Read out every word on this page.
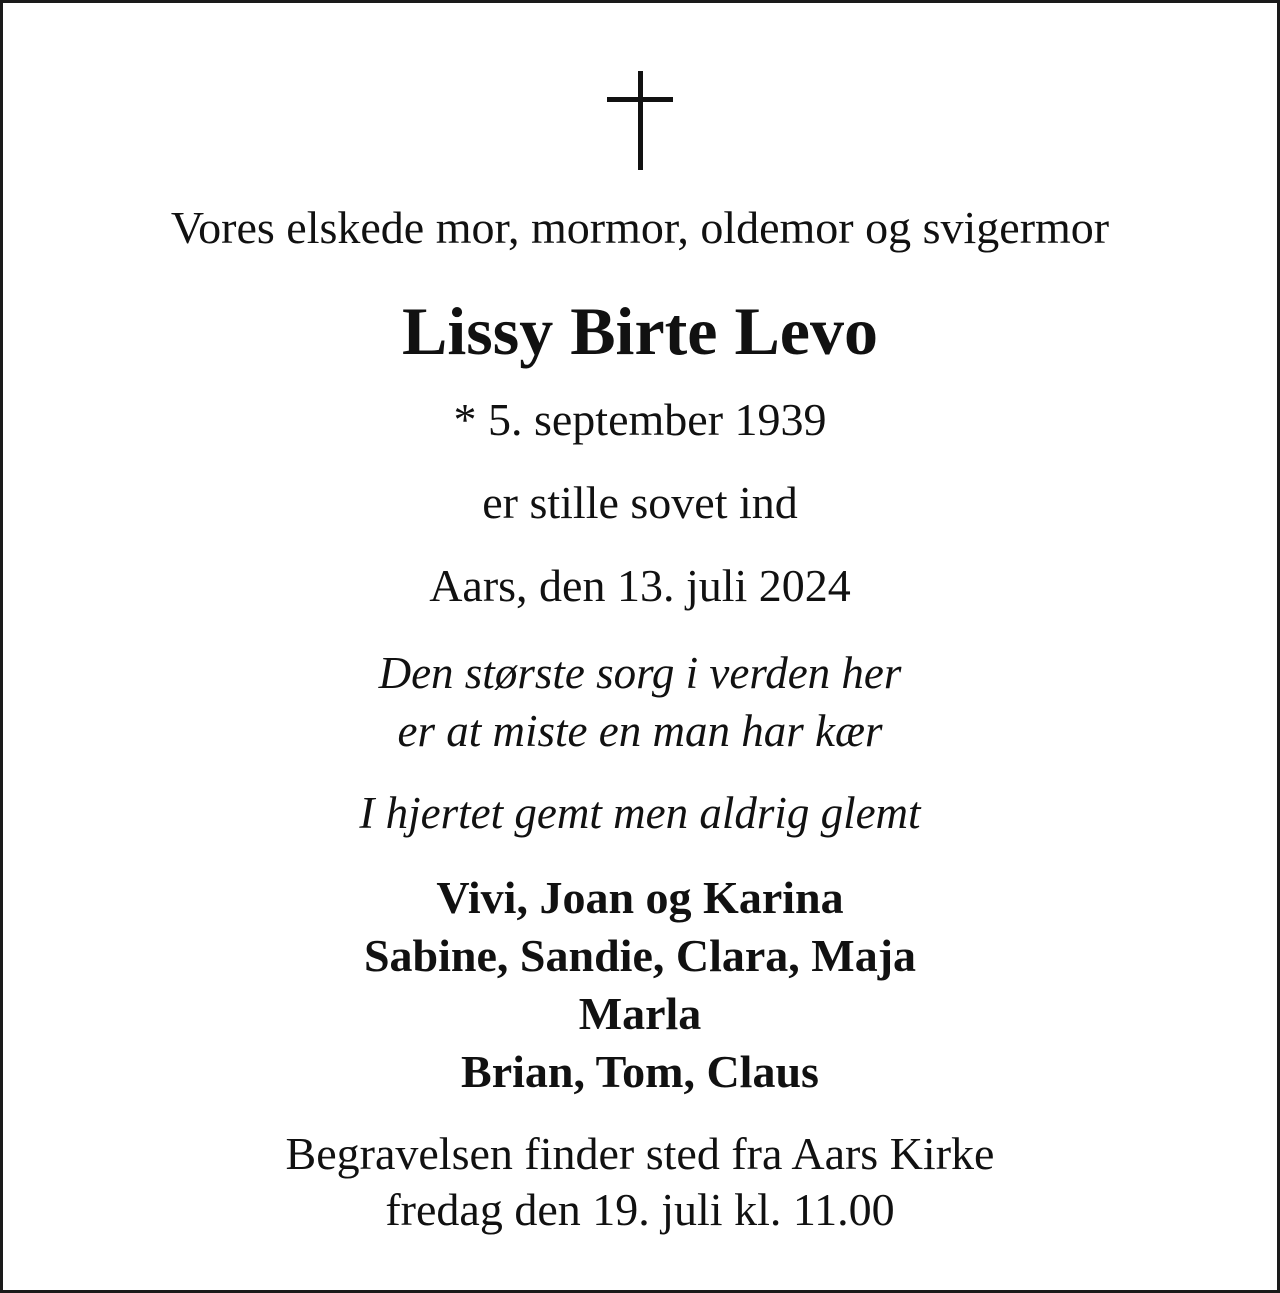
Vores elskede mor, mormor, oldemor og svigermor
Lissy Birte Levo
* 5. september 1939
er stille sovet ind
Aars, den 13. juli 2024
Den største sorg i verden her
er at miste en man har kær
I hjertet gemt men aldrig glemt
Vivi, Joan og Karina
Sabine, Sandie, Clara, Maja
Marla
Brian, Tom, Claus
Begravelsen finder sted fra Aars Kirke
fredag den 19. juli kl. 11.00
